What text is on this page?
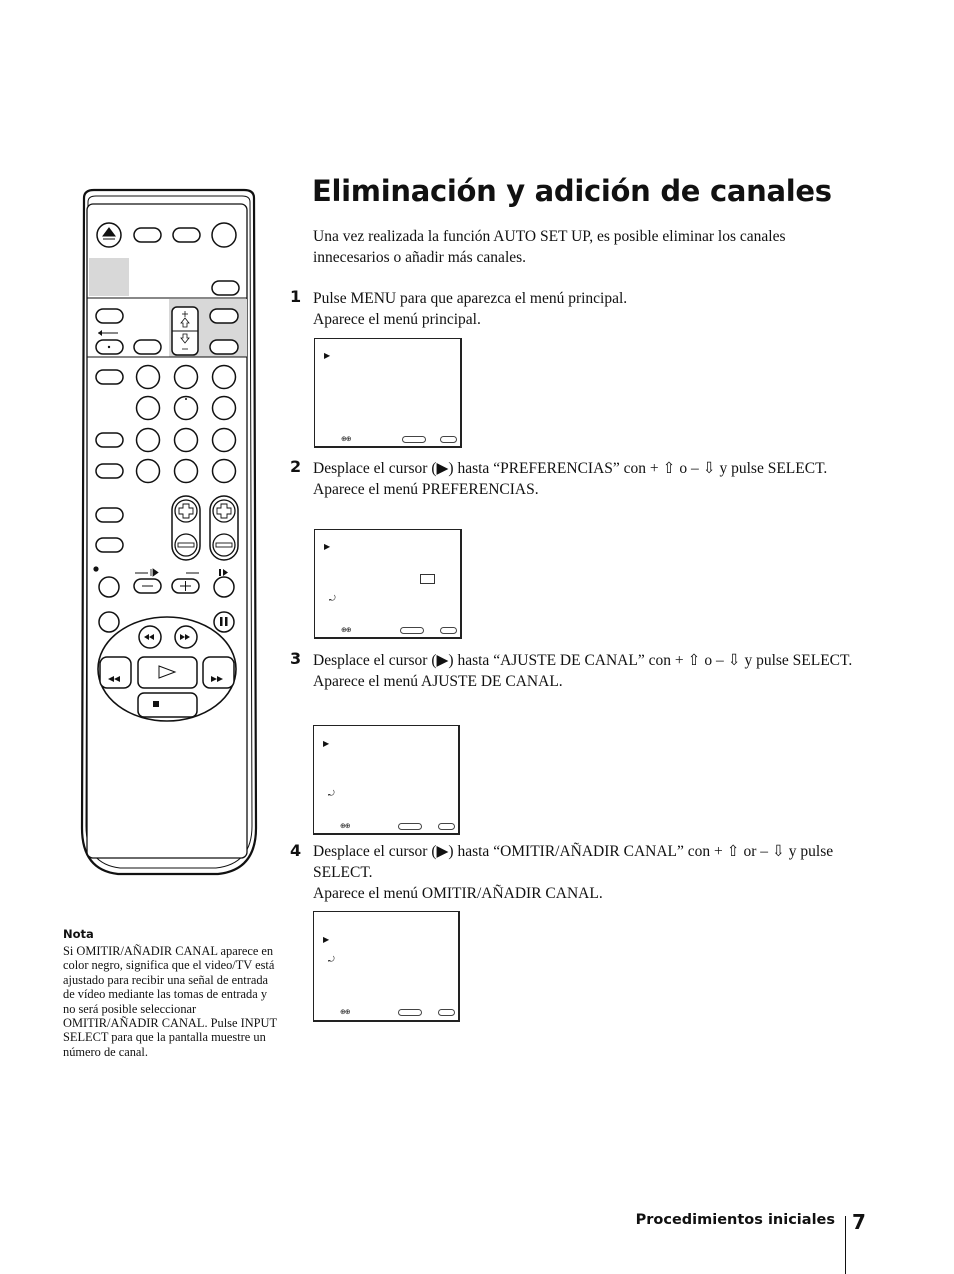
Eliminación y adición de canales
Una vez realizada la función AUTO SET UP, es posible eliminar los canales innecesarios o añadir más canales.
1 Pulse MENU para que aparezca el menú principal.
Aparece el menú principal.
▶
⊕⊕
2 Desplace el cursor (▶) hasta “PREFERENCIAS” con + ⇧ o – ⇩ y pulse SELECT.
Aparece el menú PREFERENCIAS.
▶
⤾
⊕⊕
3 Desplace el cursor (▶) hasta “AJUSTE DE CANAL” con + ⇧ o – ⇩ y pulse SELECT.
Aparece el menú AJUSTE DE CANAL.
▶
⤾
⊕⊕
4 Desplace el cursor (▶) hasta “OMITIR/AÑADIR CANAL” con + ⇧ or – ⇩ y pulse SELECT.
Aparece el menú OMITIR/AÑADIR CANAL.
▶
⤾
⊕⊕
Nota
Si OMITIR/AÑADIR CANAL aparece en color negro, significa que el video/TV está ajustado para recibir una señal de entrada de vídeo mediante las tomas de entrada y no será posible seleccionar OMITIR/AÑADIR CANAL. Pulse INPUT SELECT para que la pantalla muestre un número de canal.
Procedimientos iniciales 7
